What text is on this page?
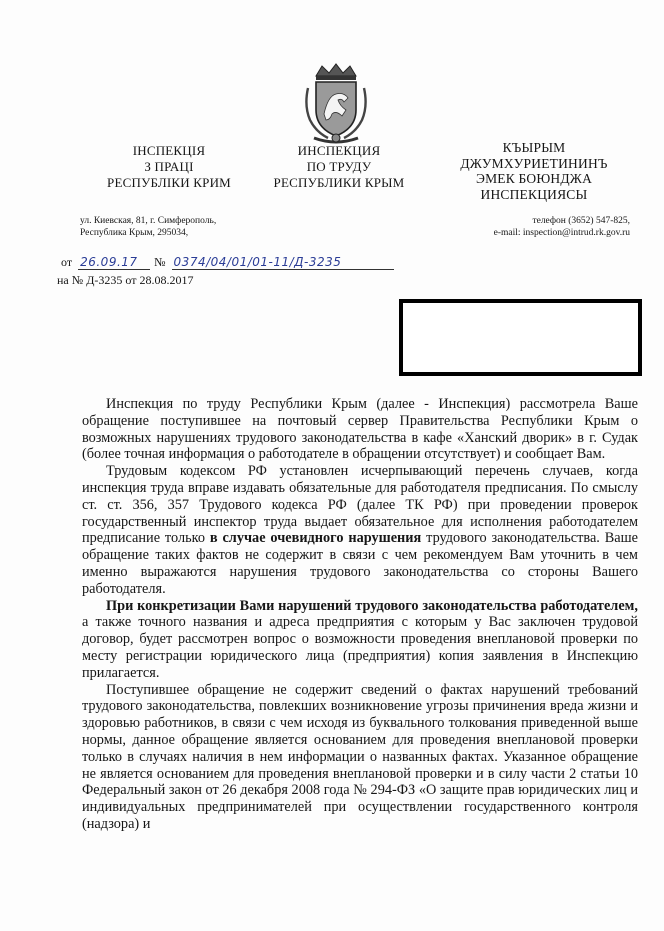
ІНСПЕКЦІЯ
З ПРАЦІ
РЕСПУБЛІКИ КРИМ
ИНСПЕКЦИЯ
ПО ТРУДУ
РЕСПУБЛИКИ КРЫМ
КЪЫРЫМ
ДЖУМХУРИЕТИНИНЪ
ЭМЕК БОЮНДЖА
ИНСПЕКЦИЯСЫ
ул. Киевская, 81, г. Симферополь,
Республика Крым, 295034,
телефон (3652) 547-825,
e-mail: inspection@intrud.rk.gov.ru
от 26.09.17	№ 0374/04/01/01-11/Д-3235
на № Д-3235 от 28.08.2017

Инспекция по труду Республики Крым (далее - Инспекция) рассмотрела Ваше обращение поступившее на почтовый сервер Правительства Республики Крым о возможных нарушениях трудового законодательства в кафе «Ханский дворик» в г. Судак (более точная информация о работодателе в обращении отсутствует) и сообщает Вам.

Трудовым кодексом РФ установлен исчерпывающий перечень случаев, когда инспекция труда вправе издавать обязательные для работодателя предписания. По смыслу ст. ст. 356, 357 Трудового кодекса РФ (далее ТК РФ) при проведении проверок государственный инспектор труда выдает обязательное для исполнения работодателем предписание только в случае очевидного нарушения трудового законодательства. Ваше обращение таких фактов не содержит в связи с чем рекомендуем Вам уточнить в чем именно выражаются нарушения трудового законодательства со стороны Вашего работодателя.

При конкретизации Вами нарушений трудового законодательства работодателем, а также точного названия и адреса предприятия с которым у Вас заключен трудовой договор, будет рассмотрен вопрос о возможности проведения внеплановой проверки по месту регистрации юридического лица (предприятия) копия заявления в Инспекцию прилагается.

Поступившее обращение не содержит сведений о фактах нарушений требований трудового законодательства, повлекших возникновение угрозы причинения вреда жизни и здоровью работников, в связи с чем исходя из буквального толкования приведенной выше нормы, данное обращение является основанием для проведения внеплановой проверки только в случаях наличия в нем информации о названных фактах. Указанное обращение не является основанием для проведения внеплановой проверки и в силу части 2 статьи 10 Федеральный закон от 26 декабря 2008 года № 294-ФЗ «О защите прав юридических лиц и индивидуальных предпринимателей при осуществлении государственного контроля (надзора) и
